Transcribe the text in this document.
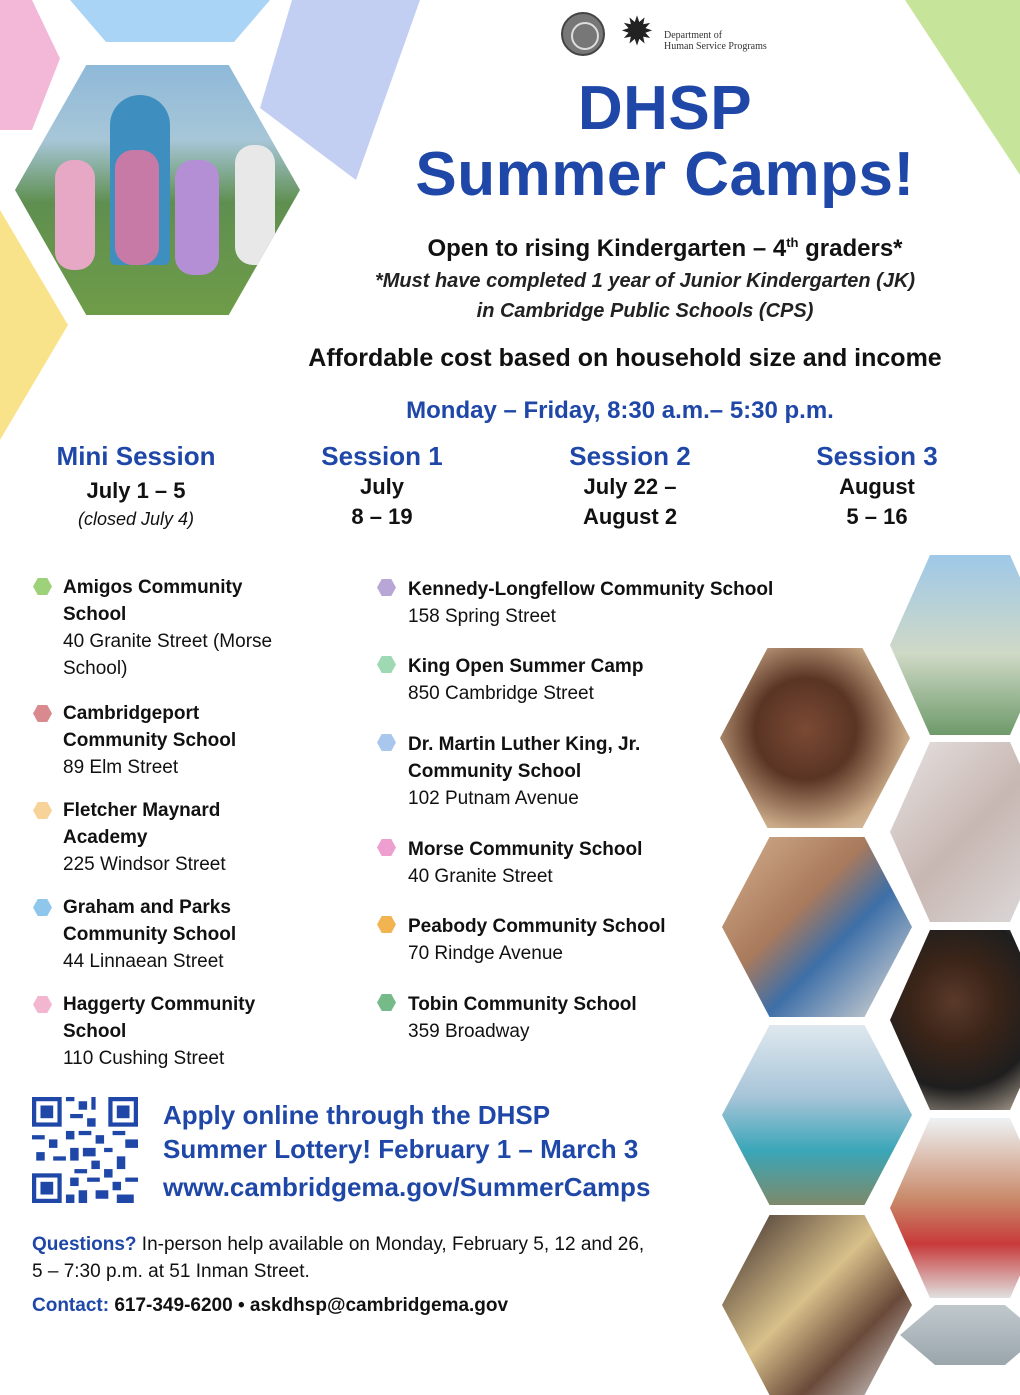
✹	Department of
Human Service Programs
DHSP
Summer Camps!
Open to rising Kindergarten – 4th graders*
*Must have completed 1 year of Junior Kindergarten (JK)
in Cambridge Public Schools (CPS)
Affordable cost based on household size and income
Monday – Friday, 8:30 a.m.– 5:30 p.m.
Mini Session
July 1 – 5
(closed July 4)
Session 1
July
8 – 19
Session 2
July 22 –
August 2
Session 3
August
5 – 16
Amigos Community School
40 Granite Street (Morse School)
Cambridgeport Community School
89 Elm Street
Fletcher Maynard Academy
225 Windsor Street
Graham and Parks Community School
44 Linnaean Street
Haggerty Community School
110 Cushing Street
Kennedy-Longfellow Community School
158 Spring Street
King Open Summer Camp
850 Cambridge Street
Dr. Martin Luther King, Jr. Community School
102 Putnam Avenue
Morse Community School
40 Granite Street
Peabody Community School
70 Rindge Avenue
Tobin Community School
359 Broadway
Apply online through the DHSP
Summer Lottery! February 1 – March 3
www.cambridgema.gov/SummerCamps
Questions? In-person help available on Monday, February 5, 12 and 26,
5 – 7:30 p.m. at 51 Inman Street.
Contact: 617-349-6200 • askdhsp@cambridgema.gov
